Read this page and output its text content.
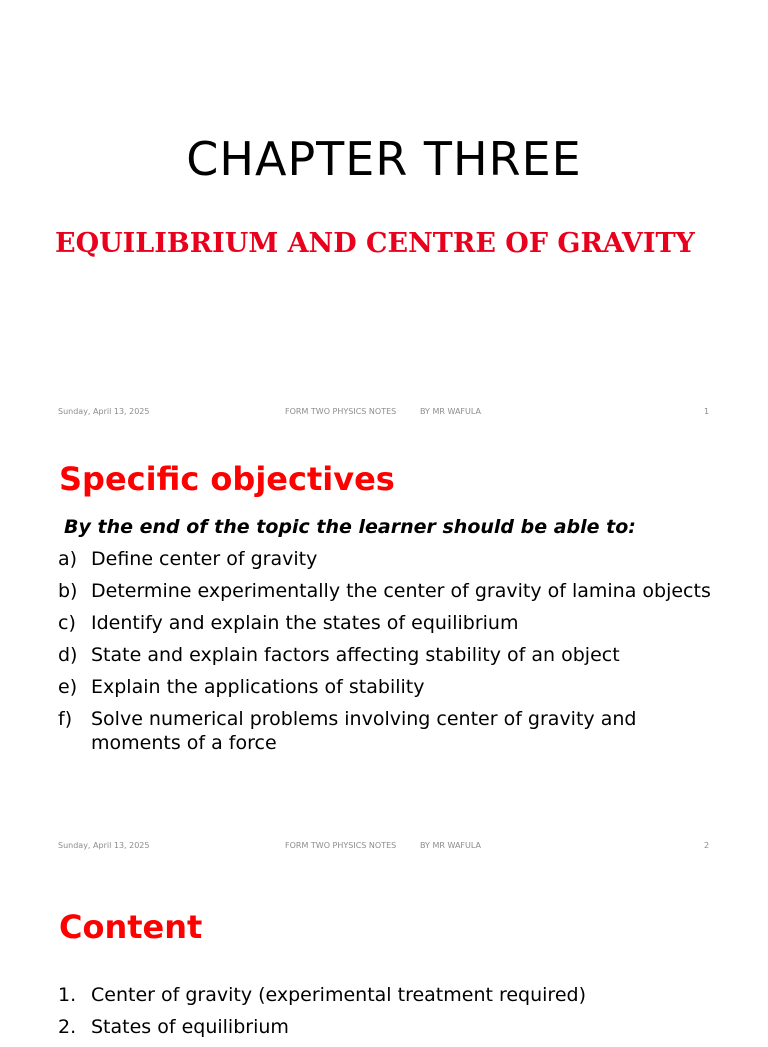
CHAPTER THREE
EQUILIBRIUM AND CENTRE OF GRAVITY
Sunday, April 13, 2025	FORM TWO PHYSICS NOTES	BY MR WAFULA	1
Specific objectives
By the end of the topic the learner should be able to:
a) Define center of gravity
b) Determine experimentally the center of gravity of lamina objects
c) Identify and explain the states of equilibrium
d) State and explain factors affecting stability of an object
e) Explain the applications of stability
f) Solve numerical problems involving center of gravity and moments of a force
Sunday, April 13, 2025	FORM TWO PHYSICS NOTES	BY MR WAFULA	2
Content
1. Center of gravity (experimental treatment required)
2. States of equilibrium
